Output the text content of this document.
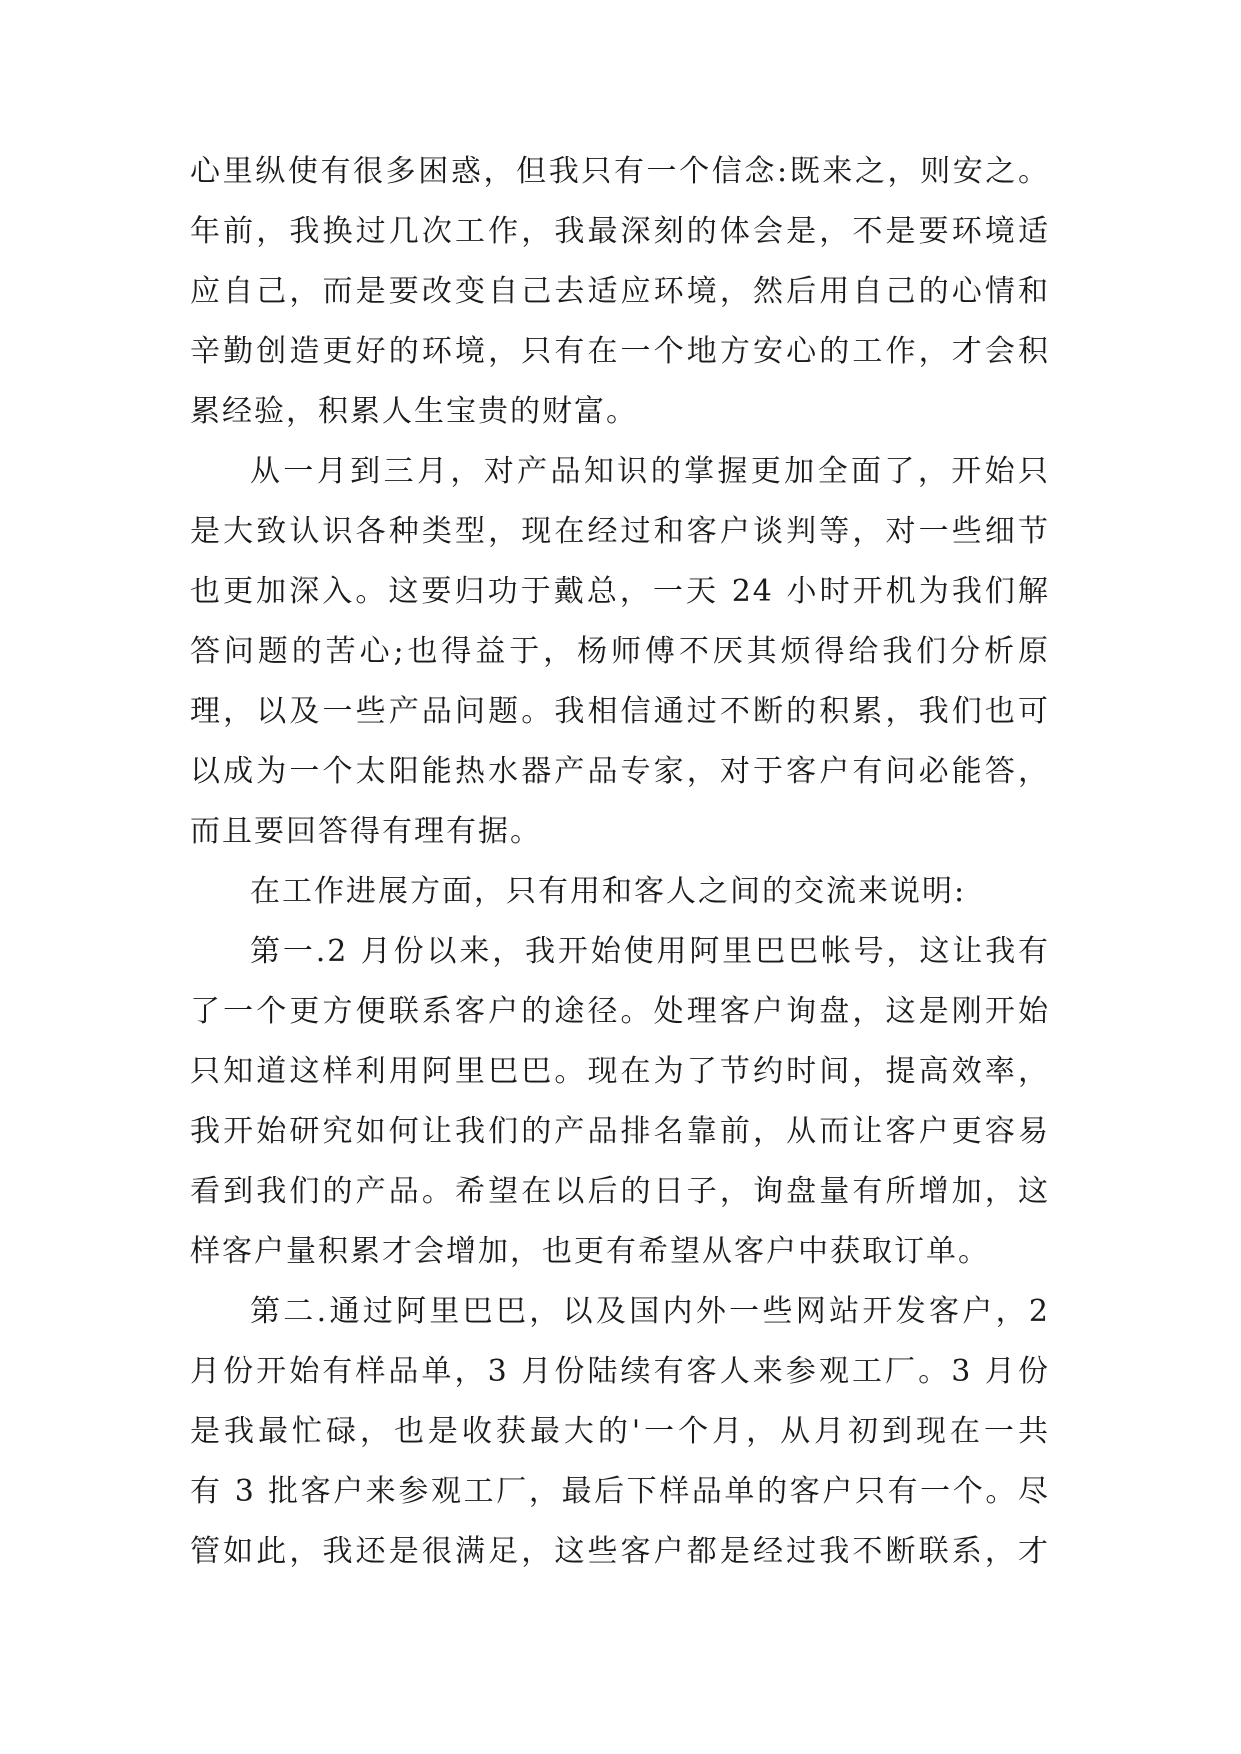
心里纵使有很多困惑，但我只有一个信念:既来之，则安之。
年前，我换过几次工作，我最深刻的体会是，不是要环境适
应自己，而是要改变自己去适应环境，然后用自己的心情和
辛勤创造更好的环境，只有在一个地方安心的工作，才会积
累经验，积累人生宝贵的财富。
从一月到三月，对产品知识的掌握更加全面了，开始只
是大致认识各种类型，现在经过和客户谈判等，对一些细节
也更加深入。这要归功于戴总，一天 24 小时开机为我们解
答问题的苦心;也得益于，杨师傅不厌其烦得给我们分析原
理，以及一些产品问题。我相信通过不断的积累，我们也可
以成为一个太阳能热水器产品专家，对于客户有问必能答，
而且要回答得有理有据。
在工作进展方面，只有用和客人之间的交流来说明:
第一.2 月份以来，我开始使用阿里巴巴帐号，这让我有
了一个更方便联系客户的途径。处理客户询盘，这是刚开始
只知道这样利用阿里巴巴。现在为了节约时间，提高效率，
我开始研究如何让我们的产品排名靠前，从而让客户更容易
看到我们的产品。希望在以后的日子，询盘量有所增加，这
样客户量积累才会增加，也更有希望从客户中获取订单。
第二.通过阿里巴巴，以及国内外一些网站开发客户，2
月份开始有样品单，3 月份陆续有客人来参观工厂。3 月份
是我最忙碌，也是收获最大的'一个月，从月初到现在一共
有 3 批客户来参观工厂，最后下样品单的客户只有一个。尽
管如此，我还是很满足，这些客户都是经过我不断联系，才
